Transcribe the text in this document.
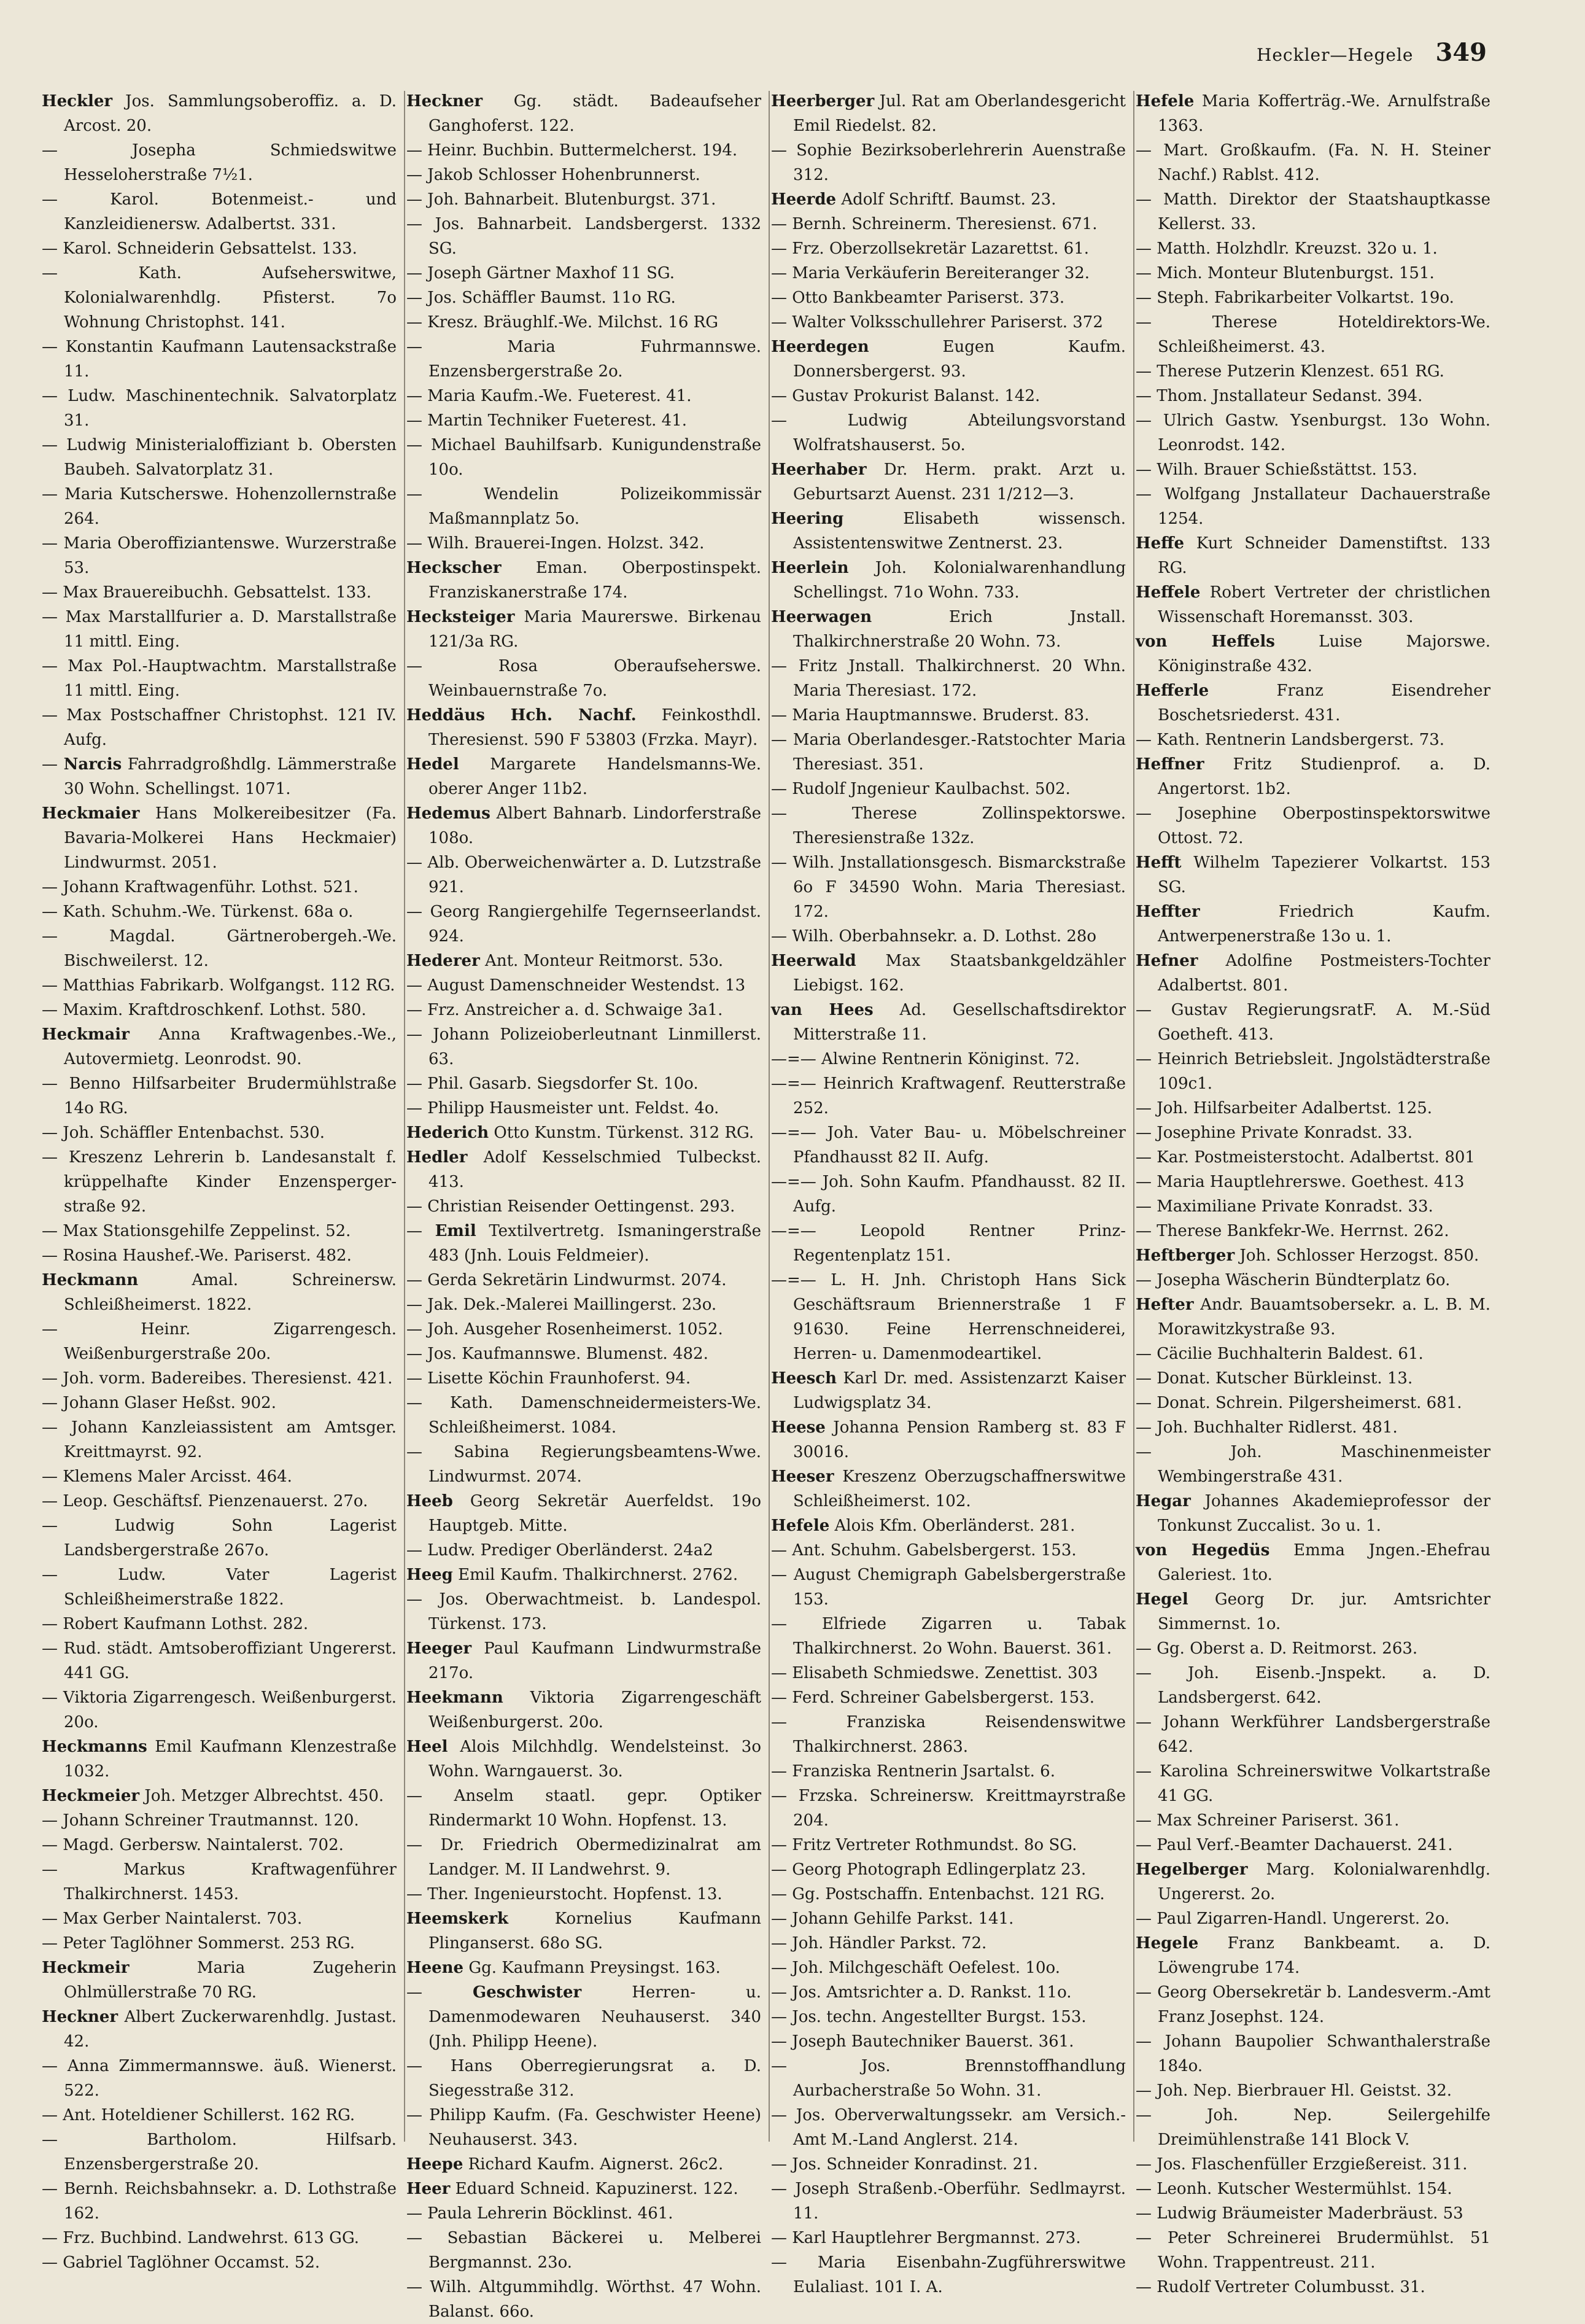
Heckler—Hegele 349

Heckler Jos. Sammlungsoberoffiz. a. D. Arcost. 20.

— Josepha Schmiedswitwe Hesseloherstraße 7½1.

— Karol. Botenmeist.- und Kanzleidienersw. Adalbertst. 331.

— Karol. Schneiderin Gebsattelst. 133.

— Kath. Aufseherswitwe, Kolonialwarenhdlg. Pfisterst. 7o Wohnung Christophst. 141.

— Konstantin Kaufmann Lautensackstraße 11.

— Ludw. Maschinentechnik. Salvatorplatz 31.

— Ludwig Ministerialoffiziant b. Obersten Baubeh. Salvatorplatz 31.

— Maria Kutscherswe. Hohenzollernstraße 264.

— Maria Oberoffiziantenswe. Wurzerstraße 53.

— Max Brauereibuchh. Gebsattelst. 133.

— Max Marstallfurier a. D. Marstallstraße 11 mittl. Eing.

— Max Pol.-Hauptwachtm. Marstallstraße 11 mittl. Eing.

— Max Postschaffner Christophst. 121 IV. Aufg.

— Narcis Fahrradgroßhdlg. Lämmerstraße 30 Wohn. Schellingst. 1071.

Heckmaier Hans Molkereibesitzer (Fa. Bavaria-Molkerei Hans Heckmaier) Lindwurmst. 2051.

— Johann Kraftwagenführ. Lothst. 521.

— Kath. Schuhm.-We. Türkenst. 68a o.

— Magdal. Gärtnerobergeh.-We. Bischweilerst. 12.

— Matthias Fabrikarb. Wolfgangst. 112 RG.

— Maxim. Kraftdroschkenf. Lothst. 580.

Heckmair Anna Kraftwagenbes.-We., Autovermietg. Leonrodst. 90.

— Benno Hilfsarbeiter Brudermühlstraße 14o RG.

— Joh. Schäffler Entenbachst. 530.

— Kreszenz Lehrerin b. Landesanstalt f. krüppelhafte Kinder Enzensperger-straße 92.

— Max Stationsgehilfe Zeppelinst. 52.

— Rosina Haushef.-We. Pariserst. 482.

Heckmann	Amal. Schreinersw. Schleißheimerst. 1822.

— Heinr. Zigarrengesch. Weißenburgerstraße 20o.

— Joh. vorm. Badereibes. Theresienst. 421.

— Johann Glaser Heßst. 902.

— Johann Kanzleiassistent am Amtsger. Kreittmayrst. 92.

— Klemens Maler Arcisst. 464.

— Leop. Geschäftsf. Pienzenauerst. 27o.

— Ludwig Sohn Lagerist Landsbergerstraße 267o.

— Ludw. Vater Lagerist Schleißheimerstraße 1822.

— Robert Kaufmann Lothst. 282.

— Rud. städt. Amtsoberoffiziant Ungererst. 441 GG.

— Viktoria Zigarrengesch. Weißenburgerst. 20o.

Heckmanns Emil Kaufmann Klenzestraße 1032.

Heckmeier Joh. Metzger Albrechtst. 450.

— Johann Schreiner Trautmannst. 120.

— Magd. Gerbersw. Naintalerst. 702.

— Markus Kraftwagenführer Thalkirchnerst. 1453.

— Max Gerber Naintalerst. 703.

— Peter Taglöhner Sommerst. 253 RG.

Heckmeir	Maria Zugeherin Ohlmüllerstraße 70 RG.

Heckner Albert Zuckerwarenhdlg. Justast. 42.

— Anna Zimmermannswe. äuß. Wienerst. 522.

— Ant. Hoteldiener Schillerst. 162 RG.

— Bartholom. Hilfsarb. Enzensbergerstraße 20.

— Bernh. Reichsbahnsekr. a. D. Lothstraße 162.

— Frz. Buchbind. Landwehrst. 613 GG.

— Gabriel Taglöhner Occamst. 52.

Heckner Gg. städt. Badeaufseher Ganghoferst. 122.

— Heinr. Buchbin. Buttermelcherst. 194.

— Jakob Schlosser Hohenbrunnerst.

— Joh. Bahnarbeit. Blutenburgst. 371.

— Jos. Bahnarbeit. Landsbergerst. 1332 SG.

— Joseph Gärtner Maxhof 11 SG.

— Jos. Schäffler Baumst. 11o RG.

— Kresz. Bräughlf.-We. Milchst. 16 RG

— Maria Fuhrmannswe. Enzensbergerstraße 2o.

— Maria Kaufm.-We. Fueterest. 41.

— Martin Techniker Fueterest. 41.

— Michael Bauhilfsarb. Kunigundenstraße 10o.

— Wendelin Polizeikommissär Maßmannplatz 5o.

— Wilh. Brauerei-Ingen. Holzst. 342.

Heckscher Eman. Oberpostinspekt. Franziskanerstraße 174.

Hecksteiger Maria Maurerswe. Birkenau 121/3a RG.

— Rosa Oberaufseherswe. Weinbauernstraße 7o.

Heddäus Hch. Nachf. Feinkosthdl. Theresienst. 590 F 53803 (Frzka. Mayr).

Hedel Margarete Handelsmanns-We. oberer Anger 11b2.

Hedemus Albert Bahnarb. Lindorferstraße 108o.

— Alb. Oberweichenwärter a. D. Lutzstraße 921.

— Georg Rangiergehilfe Tegernseerlandst. 924.

Hederer Ant. Monteur Reitmorst. 53o.

— August Damenschneider Westendst. 13

— Frz. Anstreicher a. d. Schwaige 3a1.

— Johann Polizeioberleutnant Linmillerst. 63.

— Phil. Gasarb. Siegsdorfer St. 10o.

— Philipp Hausmeister unt. Feldst. 4o.

Hederich Otto Kunstm. Türkenst. 312 RG.

Hedler Adolf Kesselschmied Tulbeckst. 413.

— Christian Reisender Oettingenst. 293.

— Emil Textilvertretg. Ismaningerstraße 483 (Jnh. Louis Feldmeier).

— Gerda Sekretärin Lindwurmst. 2074.

— Jak. Dek.-Malerei Maillingerst. 23o.

— Joh. Ausgeher Rosenheimerst. 1052.

— Jos. Kaufmannswe. Blumenst. 482.

— Lisette Köchin Fraunhoferst. 94.

— Kath. Damenschneidermeisters-We. Schleißheimerst. 1084.

— Sabina Regierungsbeamtens-Wwe. Lindwurmst. 2074.

Heeb Georg Sekretär Auerfeldst. 19o Hauptgeb. Mitte.

— Ludw. Prediger Oberländerst. 24a2

Heeg Emil Kaufm. Thalkirchnerst. 2762.

— Jos. Oberwachtmeist. b. Landespol. Türkenst. 173.

Heeger Paul Kaufmann Lindwurmstraße 217o.

Heekmann Viktoria Zigarrengeschäft Weißenburgerst. 20o.

Heel Alois Milchhdlg. Wendelsteinst. 3o Wohn. Warngauerst. 3o.

— Anselm staatl. gepr. Optiker Rindermarkt 10 Wohn. Hopfenst. 13.

— Dr. Friedrich Obermedizinalrat am Landger. M. II Landwehrst. 9.

— Ther. Ingenieurstocht. Hopfenst. 13.

Heemskerk	Kornelius Kaufmann Plinganserst. 68o SG.

Heene Gg. Kaufmann Preysingst. 163.

— Geschwister	Herren- u. Damenmodewaren Neuhauserst. 340 (Jnh. Philipp Heene).

— Hans Oberregierungsrat a. D. Siegesstraße 312.

— Philipp Kaufm. (Fa. Geschwister Heene) Neuhauserst. 343.

Heepe Richard Kaufm. Aignerst. 26c2.

Heer Eduard Schneid. Kapuzinerst. 122.

— Paula Lehrerin Böcklinst. 461.

— Sebastian Bäckerei u. Melberei Bergmannst. 23o.

— Wilh. Altgummihdlg. Wörthst. 47 Wohn. Balanst. 66o.

Heerberger Jul. Rat am Oberlandesgericht Emil Riedelst. 82.

— Sophie Bezirksoberlehrerin Auenstraße 312.

Heerde Adolf Schriftf. Baumst. 23.

— Bernh. Schreinerm. Theresienst. 671.

— Frz. Oberzollsekretär Lazarettst. 61.

— Maria Verkäuferin Bereiteranger 32.

— Otto Bankbeamter Pariserst. 373.

— Walter Volksschullehrer Pariserst. 372

Heerdegen	Eugen Kaufm. Donnersbergerst. 93.

— Gustav Prokurist Balanst. 142.

— Ludwig Abteilungsvorstand Wolfratshauserst. 5o.

Heerhaber Dr. Herm. prakt. Arzt u. Geburtsarzt Auenst. 231 1/212—3.

Heering	Elisabeth wissensch. Assistentenswitwe Zentnerst. 23.

Heerlein Joh. Kolonialwarenhandlung Schellingst. 71o Wohn. 733.

Heerwagen	Erich Jnstall. Thalkirchnerstraße 20 Wohn. 73.

— Fritz Jnstall. Thalkirchnerst. 20 Whn. Maria Theresiast. 172.

— Maria Hauptmannswe. Bruderst. 83.

— Maria Oberlandesger.-Ratstochter Maria Theresiast. 351.

— Rudolf Jngenieur Kaulbachst. 502.

— Therese Zollinspektorswe. Theresienstraße 132z.

— Wilh. Jnstallationsgesch. Bismarckstraße 6o F 34590 Wohn. Maria Theresiast. 172.

— Wilh. Oberbahnsekr. a. D. Lothst. 28o

Heerwald Max Staatsbankgeldzähler Liebigst. 162.

van Hees Ad. Gesellschaftsdirektor Mitterstraße 11.

—=— Alwine Rentnerin Königinst. 72.

—=— Heinrich Kraftwagenf. Reutterstraße 252.

—=— Joh. Vater Bau- u. Möbelschreiner Pfandhausst 82 II. Aufg.

—=— Joh. Sohn Kaufm. Pfandhausst. 82 II. Aufg.

—=— Leopold Rentner Prinz-Regentenplatz 151.

—=— L. H. Jnh. Christoph Hans Sick Geschäftsraum Briennerstraße 1 F 91630. Feine Herrenschneiderei, Herren- u. Damenmodeartikel.

Heesch Karl Dr. med. Assistenzarzt Kaiser Ludwigsplatz 34.

Heese Johanna Pension Ramberg st. 83 F 30016.

Heeser Kreszenz Oberzugschaffnerswitwe Schleißheimerst. 102.

Hefele Alois Kfm. Oberländerst. 281.

— Ant. Schuhm. Gabelsbergerst. 153.

— August Chemigraph Gabelsbergerstraße 153.

— Elfriede Zigarren u. Tabak Thalkirchnerst. 2o Wohn. Bauerst. 361.

— Elisabeth Schmiedswe. Zenettist. 303

— Ferd. Schreiner Gabelsbergerst. 153.

— Franziska Reisendenswitwe Thalkirchnerst. 2863.

— Franziska Rentnerin Jsartalst. 6.

— Frzska. Schreinersw. Kreittmayrstraße 204.

— Fritz Vertreter Rothmundst. 8o SG.

— Georg Photograph Edlingerplatz 23.

— Gg. Postschaffn. Entenbachst. 121 RG.

— Johann Gehilfe Parkst. 141.

— Joh. Händler Parkst. 72.

— Joh. Milchgeschäft Oefelest. 10o.

— Jos. Amtsrichter a. D. Rankst. 11o.

— Jos. techn. Angestellter Burgst. 153.

— Joseph Bautechniker Bauerst. 361.

— Jos. Brennstoffhandlung Aurbacherstraße 5o Wohn. 31.

— Jos. Oberverwaltungssekr. am Versich.-Amt M.-Land Anglerst. 214.

— Jos. Schneider Konradinst. 21.

— Joseph Straßenb.-Oberführ. Sedlmayrst. 11.

— Karl Hauptlehrer Bergmannst. 273.

— Maria Eisenbahn-Zugführerswitwe Eulaliast. 101 I. A.

Hefele Maria Kofferträg.-We. Arnulfstraße 1363.

— Mart. Großkaufm. (Fa. N. H. Steiner Nachf.) Rablst. 412.

— Matth. Direktor der Staatshauptkasse Kellerst. 33.

— Matth. Holzhdlr. Kreuzst. 32o u. 1.

— Mich. Monteur Blutenburgst. 151.

— Steph. Fabrikarbeiter Volkartst. 19o.

— Therese Hoteldirektors-We. Schleißheimerst. 43.

— Therese Putzerin Klenzest. 651 RG.

— Thom. Jnstallateur Sedanst. 394.

— Ulrich Gastw. Ysenburgst. 13o Wohn. Leonrodst. 142.

— Wilh. Brauer Schießstättst. 153.

— Wolfgang Jnstallateur Dachauerstraße 1254.

Heffe Kurt Schneider Damenstiftst. 133 RG.

Heffele Robert Vertreter der christlichen Wissenschaft Horemansst. 303.

von Heffels	Luise Majorswe. Königinstraße 432.

Hefferle	Franz Eisendreher Boschetsriederst. 431.

— Kath. Rentnerin Landsbergerst. 73.

Heffner Fritz Studienprof. a. D. Angertorst. 1b2.

— Josephine Oberpostinspektorswitwe Ottost. 72.

Hefft Wilhelm Tapezierer Volkartst. 153 SG.

Heffter	Friedrich Kaufm. Antwerpenerstraße 13o u. 1.

Hefner Adolfine Postmeisters-Tochter Adalbertst. 801.

— Gustav RegierungsratF. A. M.-Süd Goetheft. 413.

— Heinrich Betriebsleit. Jngolstädterstraße 109c1.

— Joh. Hilfsarbeiter Adalbertst. 125.

— Josephine Private Konradst. 33.

— Kar. Postmeisterstocht. Adalbertst. 801

— Maria Hauptlehrerswe. Goethest. 413

— Maximiliane Private Konradst. 33.

— Therese Bankfekr-We. Herrnst. 262.

Heftberger Joh. Schlosser Herzogst. 850.

— Josepha Wäscherin Bündterplatz 6o.

Hefter Andr. Bauamtsobersekr. a. L. B. M. Morawitzkystraße 93.

— Cäcilie Buchhalterin Baldest. 61.

— Donat. Kutscher Bürkleinst. 13.

— Donat. Schrein. Pilgersheimerst. 681.

— Joh. Buchhalter Ridlerst. 481.

— Joh. Maschinenmeister Wembingerstraße 431.

Hegar Johannes Akademieprofessor der Tonkunst Zuccalist. 3o u. 1.

von Hegedüs Emma Jngen.-Ehefrau Galeriest. 1to.

Hegel Georg Dr. jur. Amtsrichter Simmernst. 1o.

— Gg. Oberst a. D. Reitmorst. 263.

— Joh. Eisenb.-Jnspekt. a. D. Landsbergerst. 642.

— Johann Werkführer Landsbergerstraße 642.

— Karolina Schreinerswitwe Volkartstraße 41 GG.

— Max Schreiner Pariserst. 361.

— Paul Verf.-Beamter Dachauerst. 241.

Hegelberger Marg. Kolonialwarenhdlg. Ungererst. 2o.

— Paul Zigarren-Handl. Ungererst. 2o.

Hegele Franz Bankbeamt. a. D. Löwengrube 174.

— Georg Obersekretär b. Landesverm.-Amt Franz Josephst. 124.

— Johann Baupolier Schwanthalerstraße 184o.

— Joh. Nep. Bierbrauer Hl. Geistst. 32.

— Joh. Nep. Seilergehilfe Dreimühlenstraße 141 Block V.

— Jos. Flaschenfüller Erzgießereist. 311.

— Leonh. Kutscher Westermühlst. 154.

— Ludwig Bräumeister Maderbräust. 53

— Peter Schreinerei Brudermühlst. 51 Wohn. Trappentreust. 211.

— Rudolf Vertreter Columbusst. 31.
